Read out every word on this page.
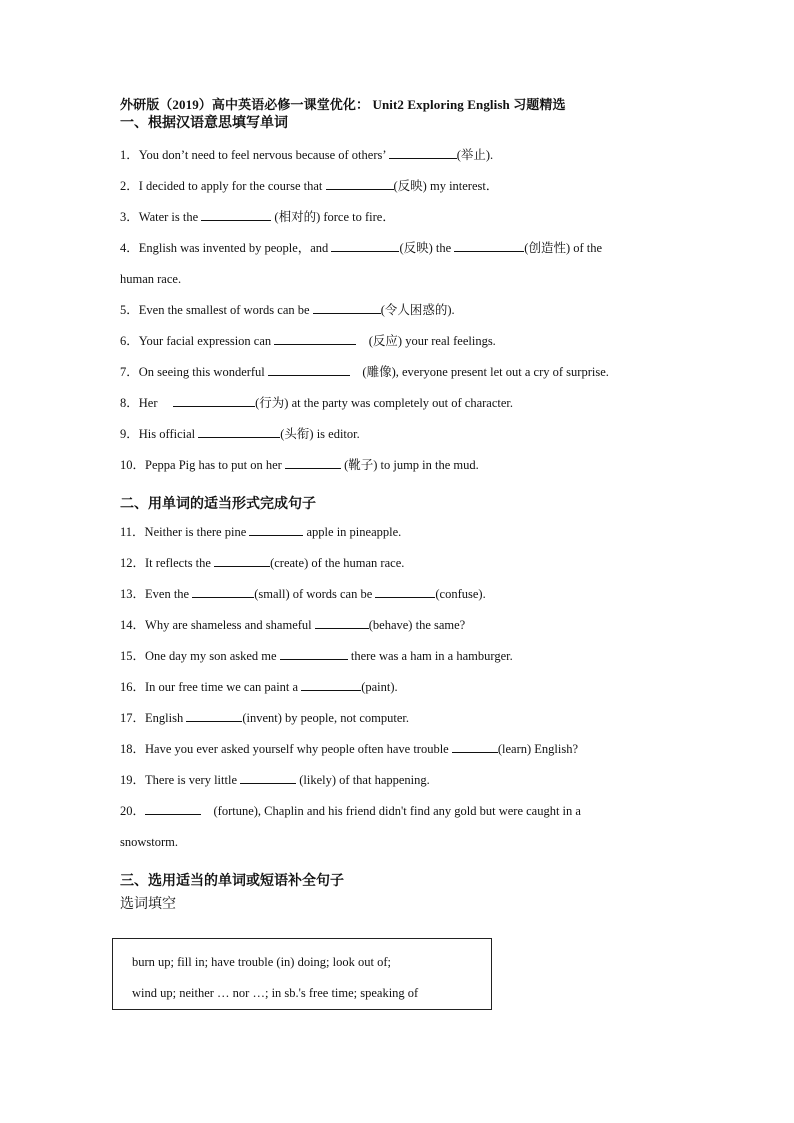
外研版（2019）高中英语必修一课堂优化： Unit2 Exploring English 习题精选
一、根据汉语意思填写单词
1．You don’t need to feel nervous because of others’	(举止).
2．I decided to apply for the course that	(反映) my interest．
3．Water is the	(相对的) force to fire．
4．English was invented by people，and	(反映) the	(创造性) of the
human race.
5．Even the smallest of words can be	(令人困惑的).
6．Your facial expression can	(反应) your real feelings.
7．On seeing this wonderful	(雕像), everyone present let out a cry of surprise.
8．Her	(行为) at the party was completely out of character.
9．His official	(头衔) is editor.
10．Peppa Pig has to put on her	(靴子) to jump in the mud.
二、用单词的适当形式完成句子
11．Neither is there pine	apple in pineapple.
12．It reflects the	(create) of the human race.
13．Even the	(small) of words can be	(confuse).
14．Why are shameless and shameful	(behave) the same?
15．One day my son asked me	there was a ham in a hamburger.
16．In our free time we can paint a	(paint).
17．English	(invent) by people, not computer.
18．Have you ever asked yourself why people often have trouble	(learn) English?
19．There is very little	(likely) of that happening.
20．	(fortune), Chaplin and his friend didn't find any gold but were caught in a
snowstorm.
三、选用适当的单词或短语补全句子
选词填空
burn up; fill in; have trouble (in) doing; look out of;
wind up; neither … nor …; in sb.'s free time; speaking of
